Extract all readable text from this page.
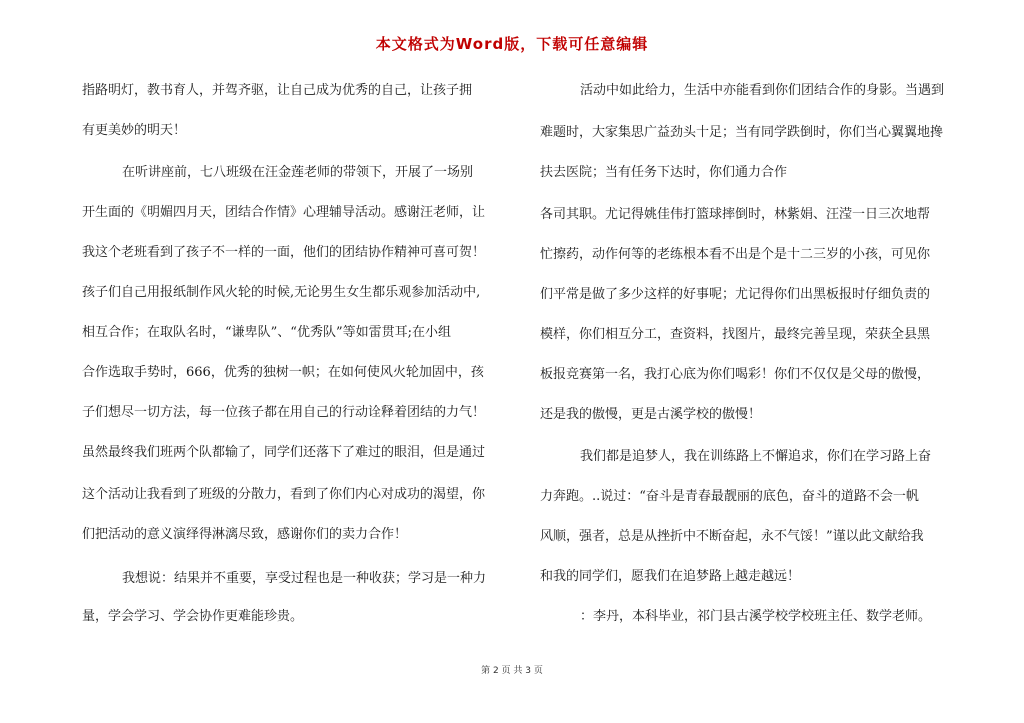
本文格式为Word版，下载可任意编辑
指路明灯，教书育人，并驾齐驱，让自己成为优秀的自己，让孩子拥
有更美妙的明天！
在听讲座前，七八班级在汪金莲老师的带领下，开展了一场别
开生面的《明媚四月天，团结合作情》心理辅导活动。感谢汪老师，让
我这个老班看到了孩子不一样的一面，他们的团结协作精神可喜可贺！
孩子们自己用报纸制作风火轮的时候,无论男生女生都乐观参加活动中,
相互合作；在取队名时，“谦卑队”、“优秀队”等如雷贯耳;在小组
合作选取手势时，666，优秀的独树一帜；在如何使风火轮加固中，孩
子们想尽一切方法，每一位孩子都在用自己的行动诠释着团结的力气！
虽然最终我们班两个队都输了，同学们还落下了难过的眼泪，但是通过
这个活动让我看到了班级的分散力，看到了你们内心对成功的渴望，你
们把活动的意义演绎得淋漓尽致，感谢你们的卖力合作！
我想说：结果并不重要，享受过程也是一种收获；学习是一种力
量，学会学习、学会协作更难能珍贵。
活动中如此给力，生活中亦能看到你们团结合作的身影。当遇到
难题时，大家集思广益劲头十足；当有同学跌倒时，你们当心翼翼地搀
扶去医院；当有任务下达时，你们通力合作
各司其职。尤记得姚佳伟打篮球摔倒时，林紫娟、汪滢一日三次地帮
忙擦药，动作何等的老练根本看不出是个是十二三岁的小孩，可见你
们平常是做了多少这样的好事呢；尤记得你们出黑板报时仔细负责的
模样，你们相互分工，查资料，找图片，最终完善呈现，荣获全县黑
板报竞赛第一名，我打心底为你们喝彩！你们不仅仅是父母的傲慢，
还是我的傲慢，更是古溪学校的傲慢！
我们都是追梦人，我在训练路上不懈追求，你们在学习路上奋
力奔跑。..说过：“奋斗是青春最靓丽的底色，奋斗的道路不会一帆
风顺，强者，总是从挫折中不断奋起，永不气馁！”谨以此文献给我
和我的同学们，愿我们在追梦路上越走越远！
：李丹，本科毕业，祁门县古溪学校学校班主任、数学老师。
第 2 页 共 3 页
